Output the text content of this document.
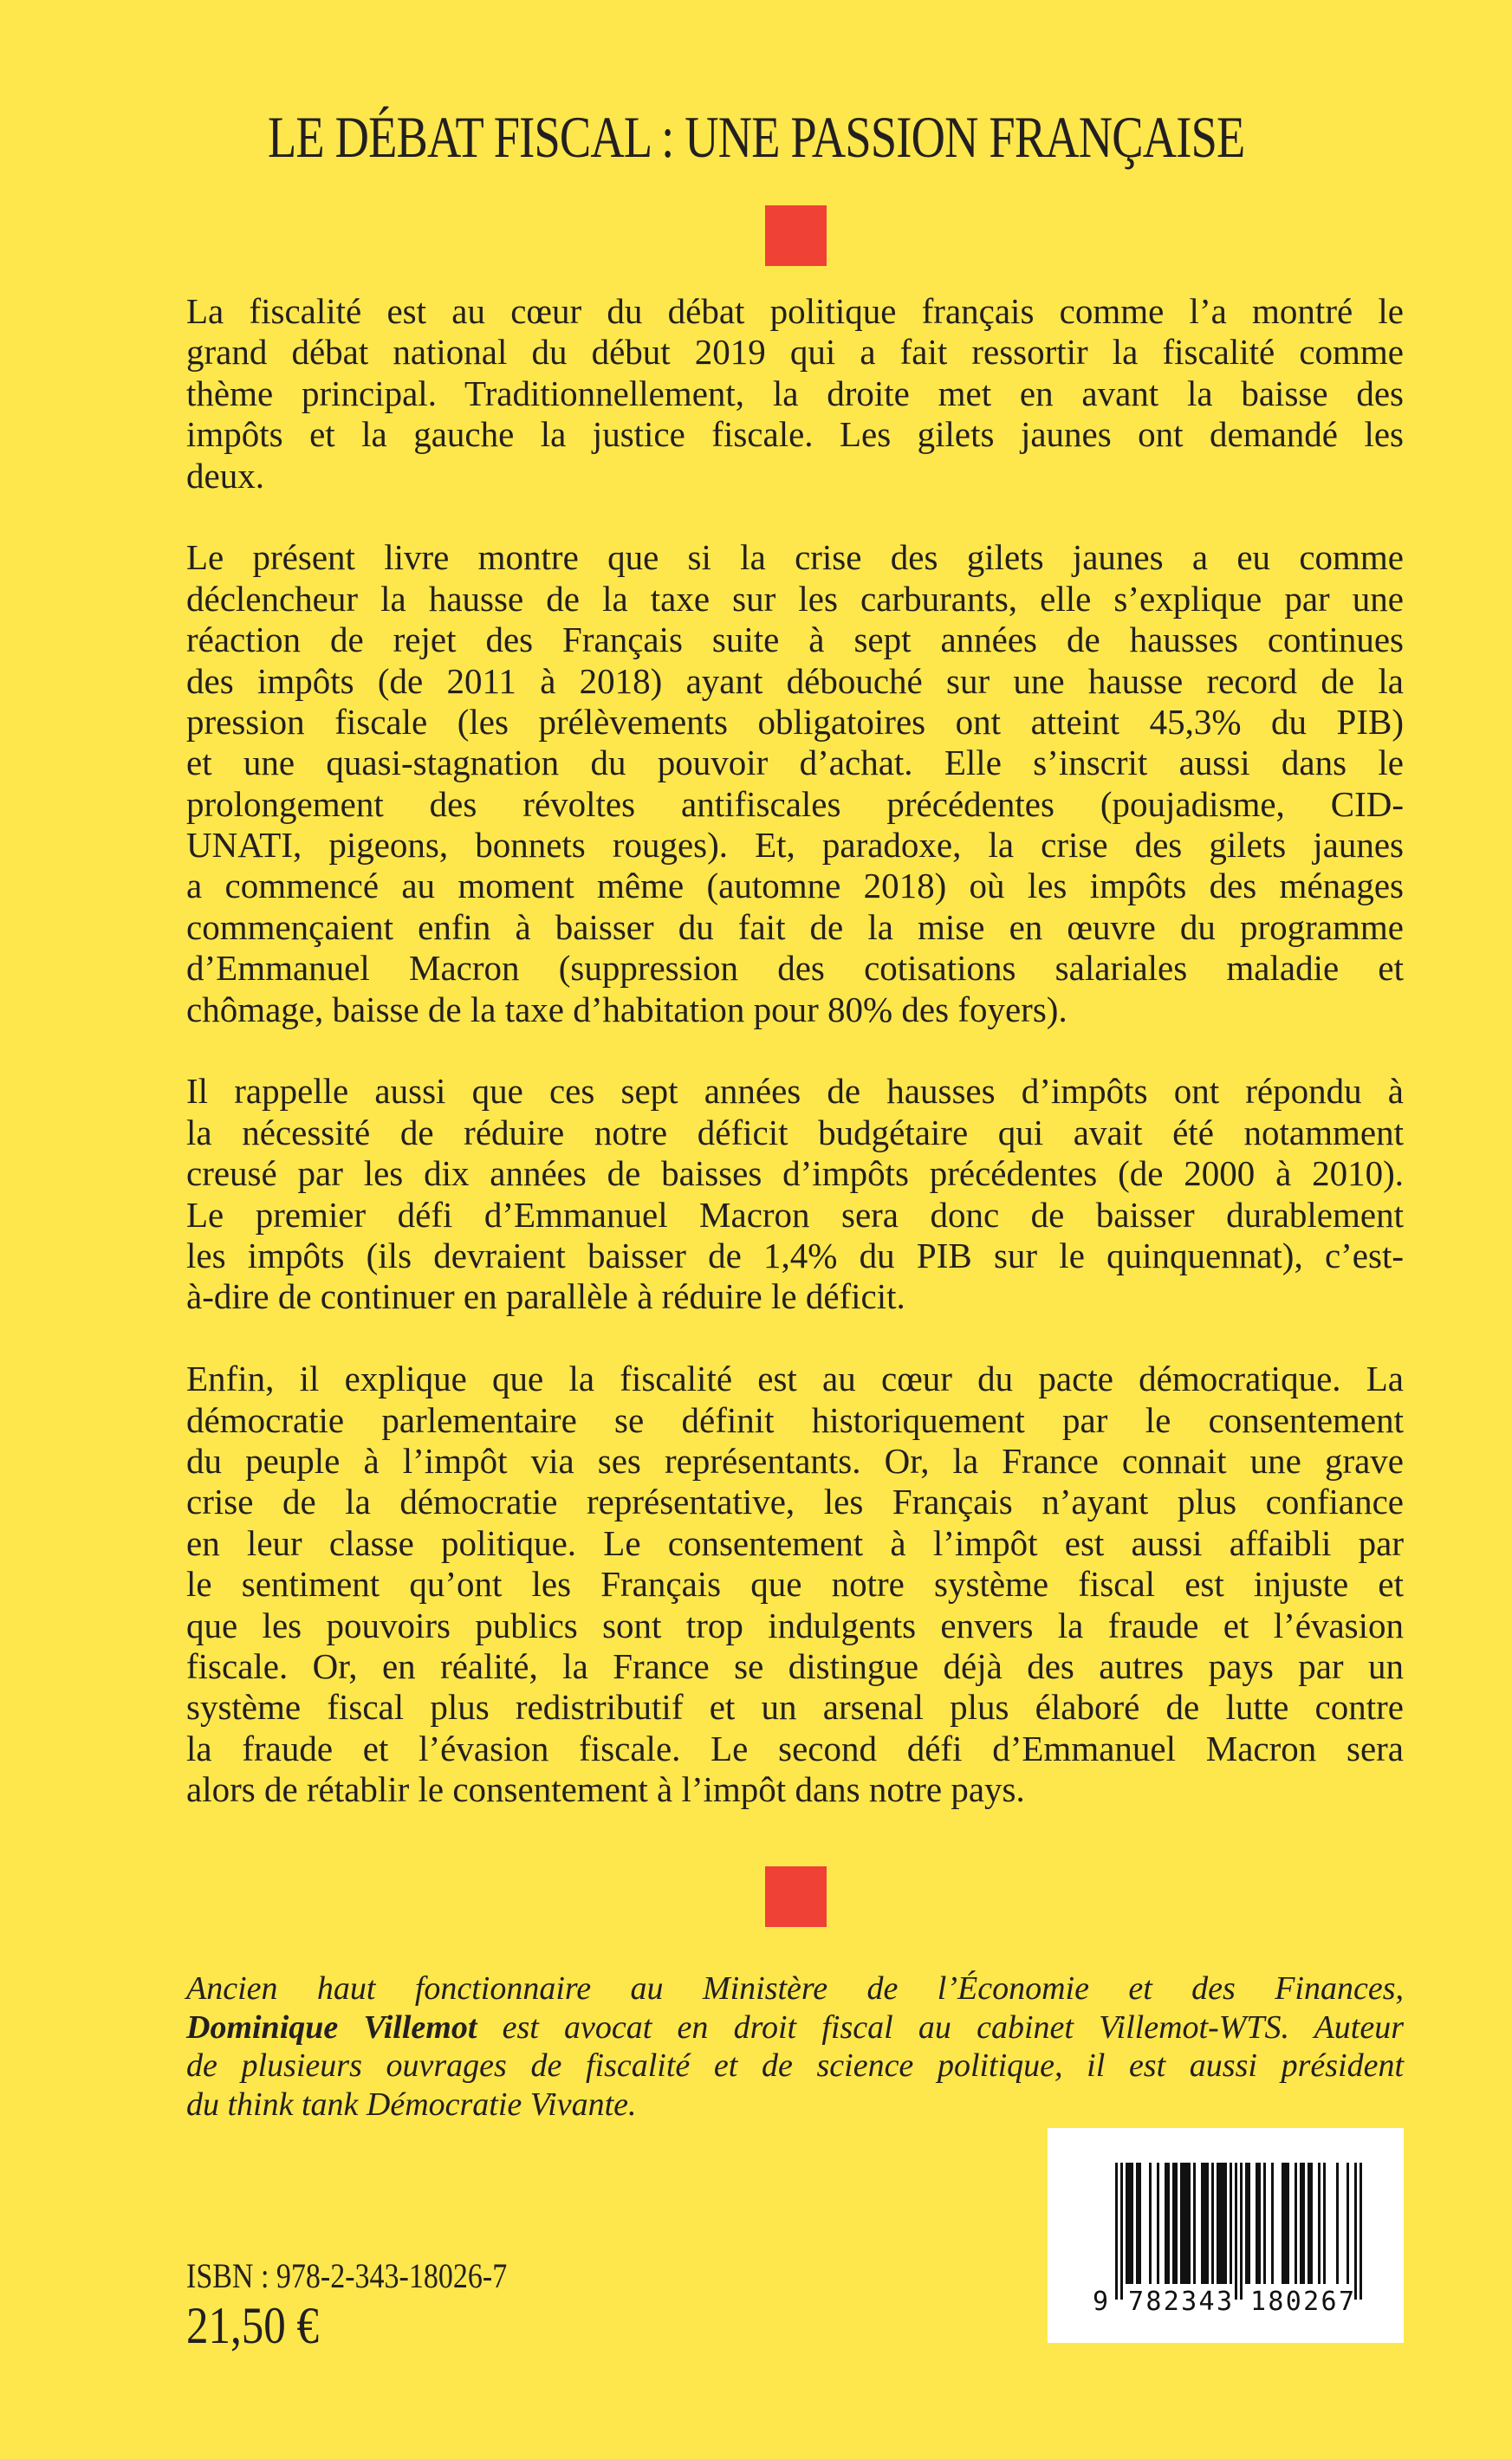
LE DÉBAT FISCAL : UNE PASSION FRANÇAISE
La fiscalité est au cœur du débat politique français comme l’a montré le
grand débat national du début 2019 qui a fait ressortir la fiscalité comme
thème principal. Traditionnellement, la droite met en avant la baisse des
impôts et la gauche la justice fiscale. Les gilets jaunes ont demandé les
deux.
Le présent livre montre que si la crise des gilets jaunes a eu comme
déclencheur la hausse de la taxe sur les carburants, elle s’explique par une
réaction de rejet des Français suite à sept années de hausses continues
des impôts (de 2011 à 2018) ayant débouché sur une hausse record de la
pression fiscale (les prélèvements obligatoires ont atteint 45,3% du PIB)
et une quasi-stagnation du pouvoir d’achat. Elle s’inscrit aussi dans le
prolongement des révoltes antifiscales précédentes (poujadisme, CID-
UNATI, pigeons, bonnets rouges). Et, paradoxe, la crise des gilets jaunes
a commencé au moment même (automne 2018) où les impôts des ménages
commençaient enfin à baisser du fait de la mise en œuvre du programme
d’Emmanuel Macron (suppression des cotisations salariales maladie et
chômage, baisse de la taxe d’habitation pour 80% des foyers).
Il rappelle aussi que ces sept années de hausses d’impôts ont répondu à
la nécessité de réduire notre déficit budgétaire qui avait été notamment
creusé par les dix années de baisses d’impôts précédentes (de 2000 à 2010).
Le premier défi d’Emmanuel Macron sera donc de baisser durablement
les impôts (ils devraient baisser de 1,4% du PIB sur le quinquennat), c’est-
à-dire de continuer en parallèle à réduire le déficit.
Enfin, il explique que la fiscalité est au cœur du pacte démocratique. La
démocratie parlementaire se définit historiquement par le consentement
du peuple à l’impôt via ses représentants. Or, la France connait une grave
crise de la démocratie représentative, les Français n’ayant plus confiance
en leur classe politique. Le consentement à l’impôt est aussi affaibli par
le sentiment qu’ont les Français que notre système fiscal est injuste et
que les pouvoirs publics sont trop indulgents envers la fraude et l’évasion
fiscale. Or, en réalité, la France se distingue déjà des autres pays par un
système fiscal plus redistributif et un arsenal plus élaboré de lutte contre
la fraude et l’évasion fiscale. Le second défi d’Emmanuel Macron sera
alors de rétablir le consentement à l’impôt dans notre pays.
Ancien haut fonctionnaire au Ministère de l’Économie et des Finances,
Dominique Villemot est avocat en droit fiscal au cabinet Villemot-WTS. Auteur
de plusieurs ouvrages de fiscalité et de science politique, il est aussi président
du think tank Démocratie Vivante.
ISBN : 978-2-343-18026-7
21,50 €	9 782343 180267
